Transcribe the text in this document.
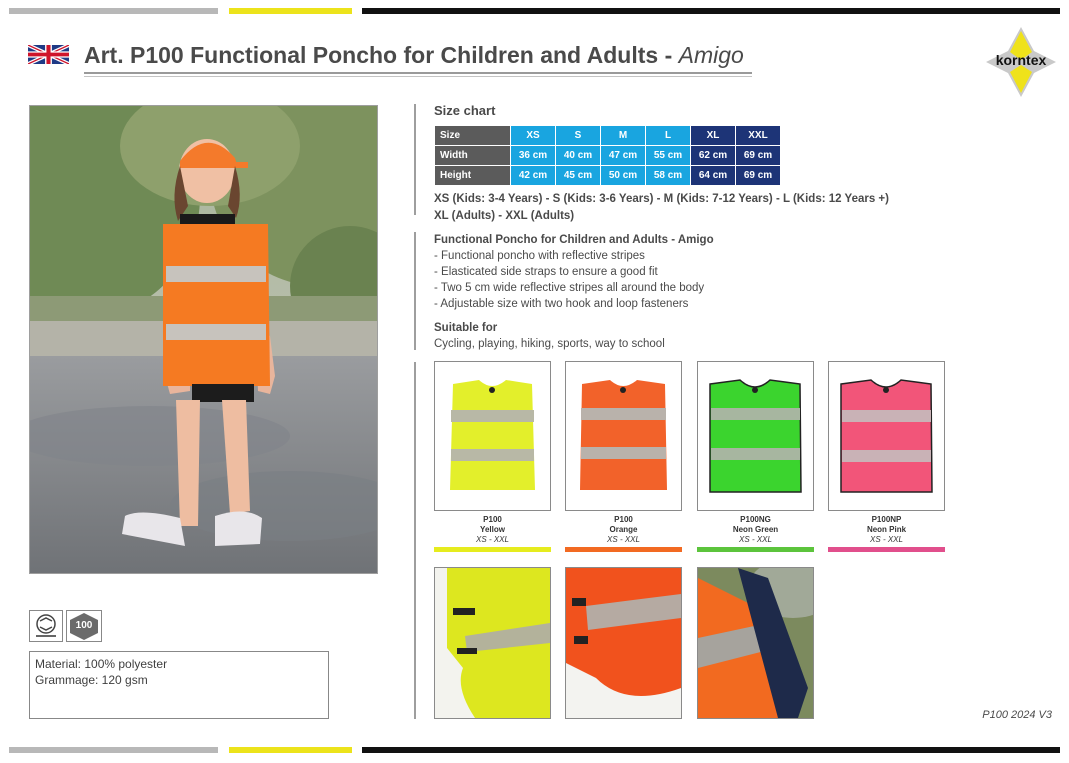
Art. P100 Functional Poncho for Children and Adults - Amigo	korntex
100
Material: 100% polyester
Grammage: 120 gsm
Size chart
Size	XS	S	M	L	XL	XXL
Width	36 cm	40 cm	47 cm	55 cm	62 cm	69 cm
Height	42 cm	45 cm	50 cm	58 cm	64 cm	69 cm
XS (Kids: 3-4 Years) - S (Kids: 3-6 Years) - M (Kids: 7-12 Years) - L (Kids: 12 Years +)
XL (Adults) - XXL (Adults)
Functional Poncho for Children and Adults - Amigo
- Functional poncho with reflective stripes
- Elasticated side straps to ensure a good fit
- Two 5 cm wide reflective stripes all around the body
- Adjustable size with two hook and loop fasteners
Suitable for
Cycling, playing, hiking, sports, way to school
P100
Yellow
XS - XXL
P100
Orange
XS - XXL
P100NG
Neon Green
XS - XXL
P100NP
Neon Pink
XS - XXL
P100 2024 V3
